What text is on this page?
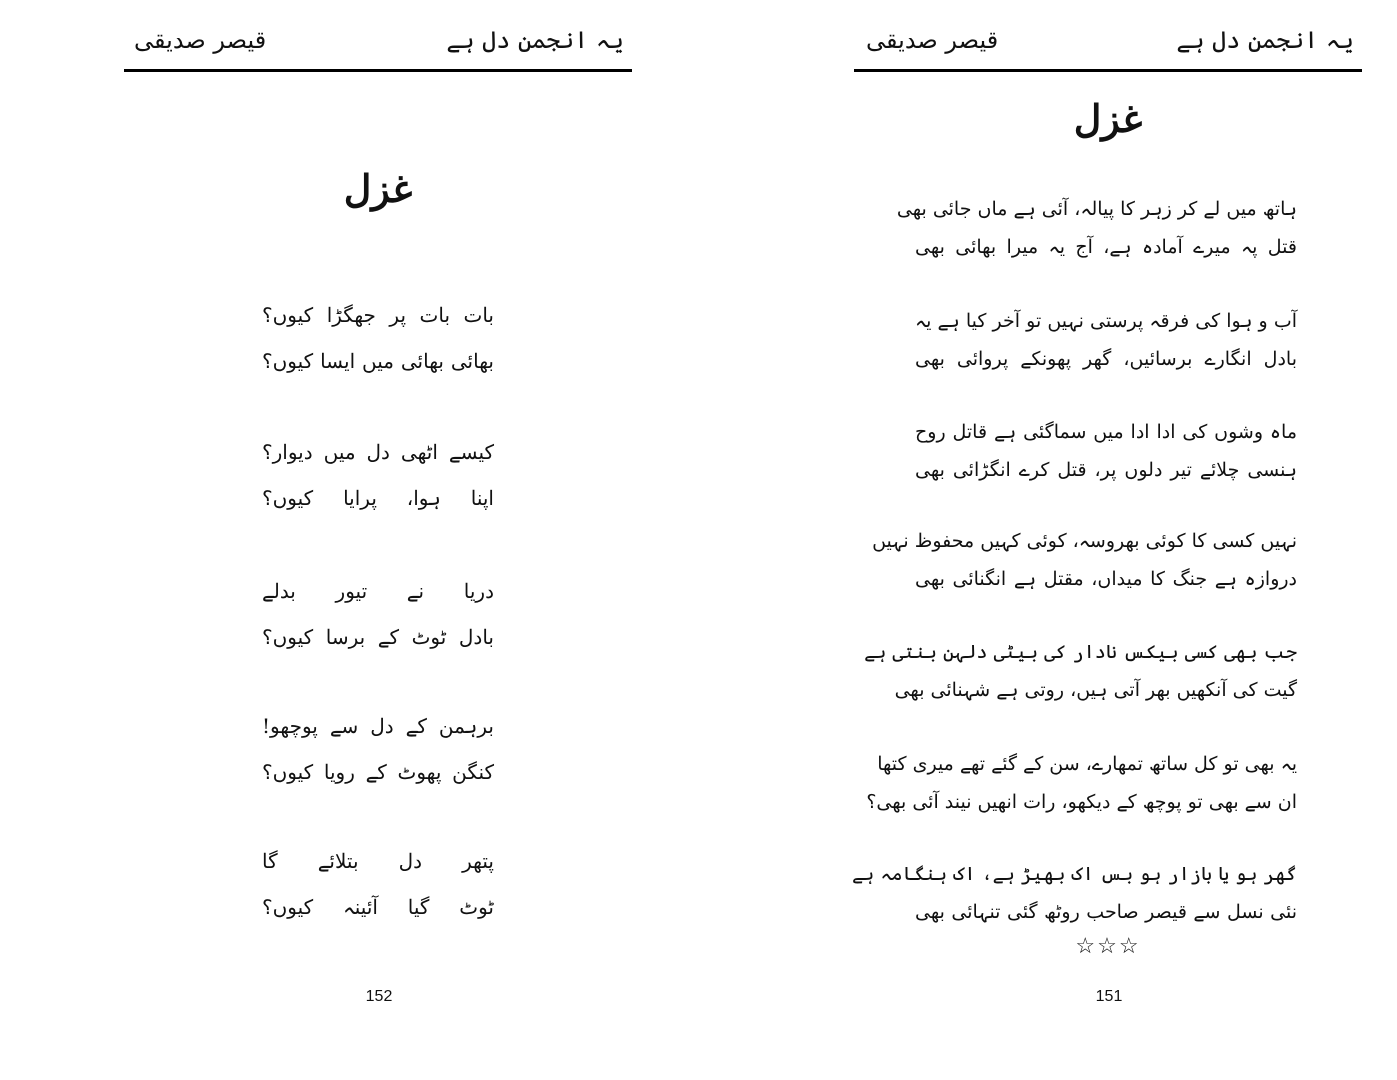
یہ انجمن دل ہے
قیصر صدیقی
غزل
بات بات پر جھگڑا کیوں؟
بھائی بھائی میں ایسا کیوں؟
کیسے اٹھی دل میں دیوار؟
اپنا ہوا، پرایا کیوں؟
دریا نے تیور بدلے
بادل ٹوٹ کے برسا کیوں؟
برہمن کے دل سے پوچھو!
کنگن پھوٹ کے رویا کیوں؟
پتھر دل بتلائے گا
ٹوٹ گیا آئینہ کیوں؟
152
یہ انجمن دل ہے
قیصر صدیقی
غزل
ہاتھ میں لے کر زہر کا پیالہ، آئی ہے ماں جائی بھی
قتل پہ میرے آمادہ ہے، آج یہ میرا بھائی بھی
آب و ہوا کی فرقہ پرستی نہیں تو آخر کیا ہے یہ
بادل انگارے برسائیں، گھر پھونکے پروائی بھی
ماہ وشوں کی ادا ادا میں سماگئی ہے قاتل روح
ہنسی چلائے تیر دلوں پر، قتل کرے انگڑائی بھی
نہیں کسی کا کوئی بھروسہ، کوئی کہیں محفوظ نہیں
دروازہ ہے جنگ کا میداں، مقتل ہے انگنائی بھی
جب بھی کسی بیکس نادار کی بیٹی دلہن بنتی ہے
گیت کی آنکھیں بھر آتی ہیں، روتی ہے شہنائی بھی
یہ بھی تو کل ساتھ تمھارے، سن کے گئے تھے میری کتھا
ان سے بھی تو پوچھ کے دیکھو، رات انھیں نیند آئی بھی؟
گھر ہو یا بازار ہو بس اک بھیڑ ہے، اک ہنگامہ ہے
نئی نسل سے قیصر صاحب روٹھ گئی تنہائی بھی
☆☆☆
151
